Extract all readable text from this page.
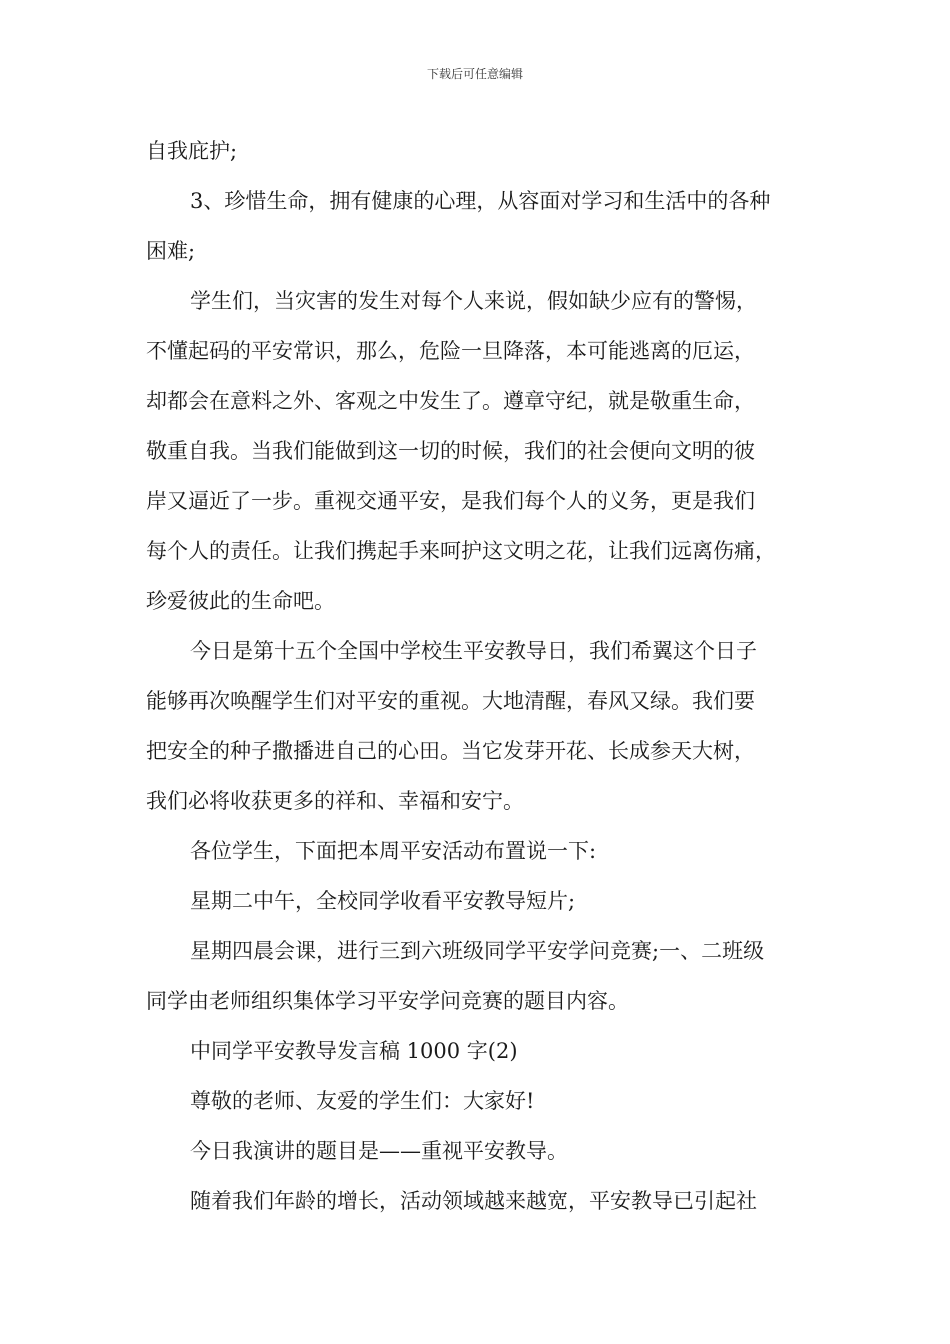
下载后可任意编辑
自我庇护;
3、珍惜生命，拥有健康的心理，从容面对学习和生活中的各种
困难;
学生们，当灾害的发生对每个人来说，假如缺少应有的警惕，
不懂起码的平安常识，那么，危险一旦降落，本可能逃离的厄运，
却都会在意料之外、客观之中发生了。遵章守纪，就是敬重生命，
敬重自我。当我们能做到这一切的时候，我们的社会便向文明的彼
岸又逼近了一步。重视交通平安，是我们每个人的义务，更是我们
每个人的责任。让我们携起手来呵护这文明之花，让我们远离伤痛，
珍爱彼此的生命吧。
今日是第十五个全国中学校生平安教导日，我们希翼这个日子
能够再次唤醒学生们对平安的重视。大地清醒，春风又绿。我们要
把安全的种子撒播进自己的心田。当它发芽开花、长成参天大树，
我们必将收获更多的祥和、幸福和安宁。
各位学生，下面把本周平安活动布置说一下:
星期二中午，全校同学收看平安教导短片;
星期四晨会课，进行三到六班级同学平安学问竞赛;一、二班级
同学由老师组织集体学习平安学问竞赛的题目内容。
中同学平安教导发言稿 1000 字(2)
尊敬的老师、友爱的学生们：大家好!
今日我演讲的题目是——重视平安教导。
随着我们年龄的增长，活动领域越来越宽，平安教导已引起社
